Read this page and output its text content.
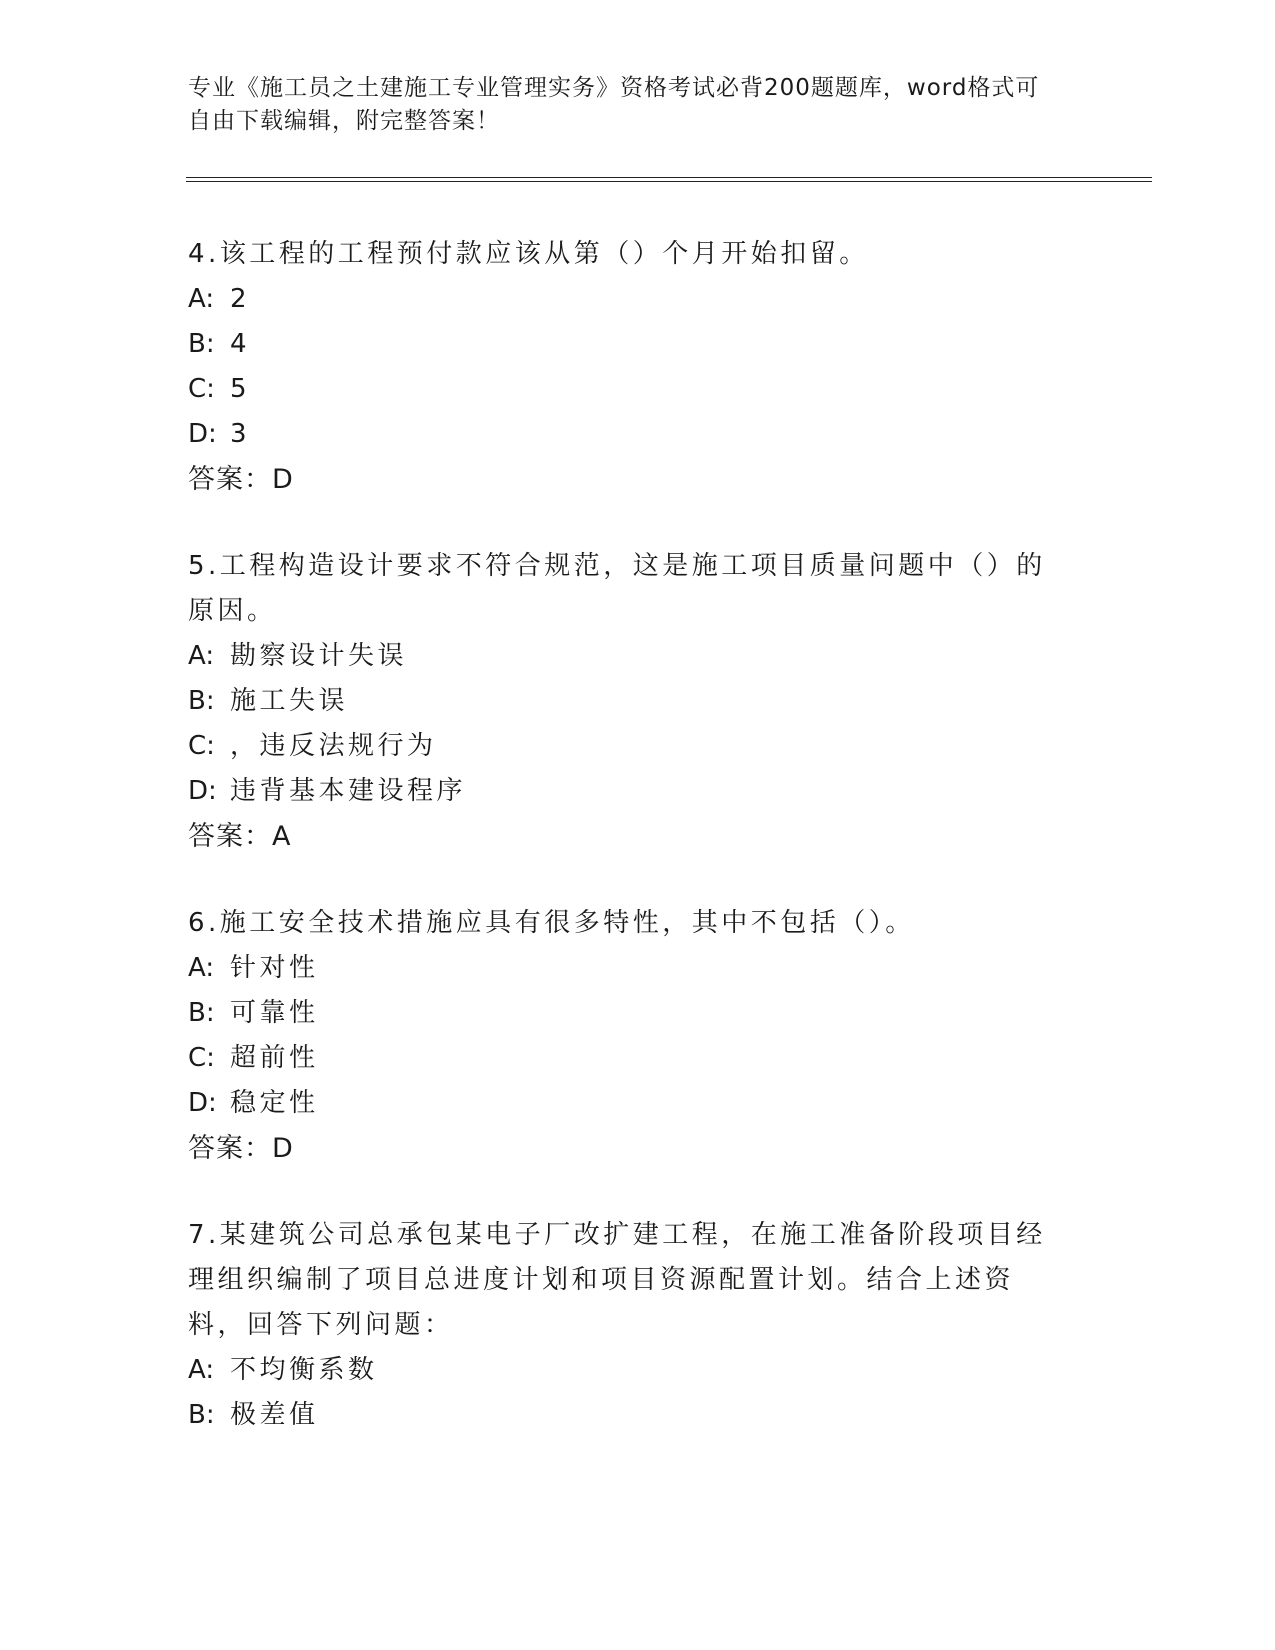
专业《施工员之土建施工专业管理实务》资格考试必背200题题库，word格式可
自由下载编辑，附完整答案！
4.该工程的工程预付款应该从第（）个月开始扣留。
A: 2
B: 4
C: 5
D: 3
答案：D
5.工程构造设计要求不符合规范，这是施工项目质量问题中（）的原因。
A: 勘察设计失误
B: 施工失误
C: ，违反法规行为
D: 违背基本建设程序
答案：A
6.施工安全技术措施应具有很多特性，其中不包括（）。
A: 针对性
B: 可靠性
C: 超前性
D: 稳定性
答案：D
7.某建筑公司总承包某电子厂改扩建工程，在施工准备阶段项目经理组织编制了项目总进度计划和项目资源配置计划。结合上述资料，回答下列问题：
A: 不均衡系数
B: 极差值
